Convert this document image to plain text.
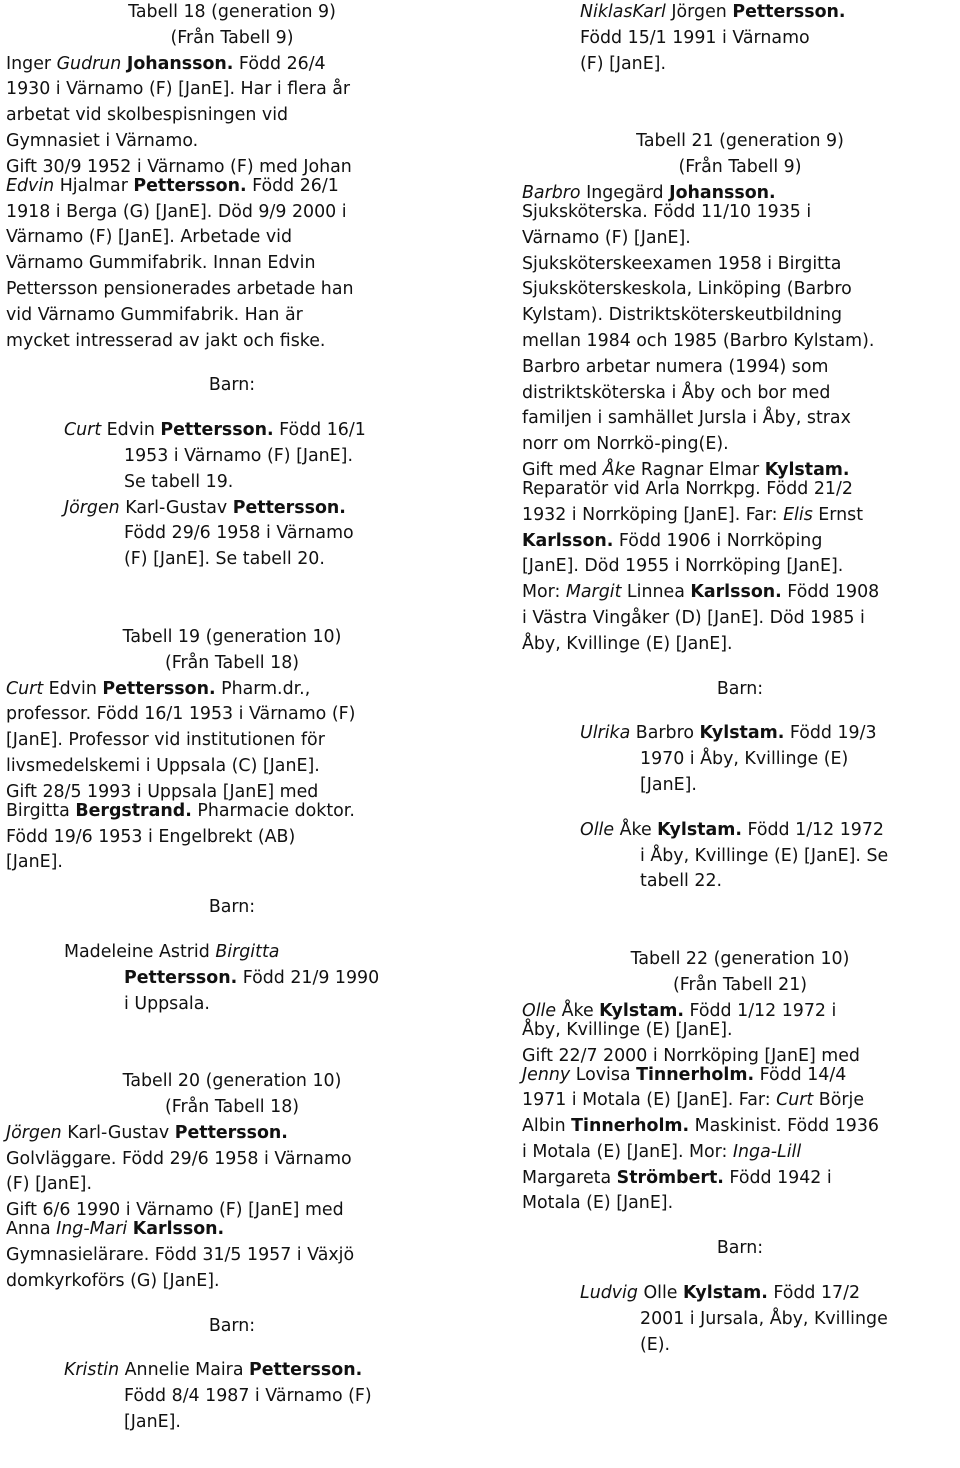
Tabell 18 (generation 9)
(Från Tabell 9)
Inger Gudrun Johansson. Född 26/4
1930 i Värnamo (F) [JanE]. Har i flera år
arbetat vid skolbespisningen vid
Gymnasiet i Värnamo.
Gift 30/9 1952 i Värnamo (F) med Johan
Edvin Hjalmar Pettersson. Född 26/1
1918 i Berga (G) [JanE]. Död 9/9 2000 i
Värnamo (F) [JanE]. Arbetade vid
Värnamo Gummifabrik. Innan Edvin
Pettersson pensionerades arbetade han
vid Värnamo Gummifabrik. Han är
mycket intresserad av jakt och fiske.
Barn:
Curt Edvin Pettersson. Född 16/1
1953 i Värnamo (F) [JanE].
Se tabell 19.
Jörgen Karl-Gustav Pettersson.
Född 29/6 1958 i Värnamo
(F) [JanE]. Se tabell 20.
Tabell 19 (generation 10)
(Från Tabell 18)
Curt Edvin Pettersson. Pharm.dr.,
professor. Född 16/1 1953 i Värnamo (F)
[JanE]. Professor vid institutionen för
livsmedelskemi i Uppsala (C) [JanE].
Gift 28/5 1993 i Uppsala [JanE] med
Birgitta Bergstrand. Pharmacie doktor.
Född 19/6 1953 i Engelbrekt (AB)
[JanE].
Barn:
Madeleine Astrid Birgitta
Pettersson. Född 21/9 1990
i Uppsala.
Tabell 20 (generation 10)
(Från Tabell 18)
Jörgen Karl-Gustav Pettersson.
Golvläggare. Född 29/6 1958 i Värnamo
(F) [JanE].
Gift 6/6 1990 i Värnamo (F) [JanE] med
Anna Ing-Mari Karlsson.
Gymnasielärare. Född 31/5 1957 i Växjö
domkyrkoförs (G) [JanE].
Barn:
Kristin Annelie Maira Pettersson.
Född 8/4 1987 i Värnamo (F)
[JanE].
NiklasKarl Jörgen Pettersson.
Född 15/1 1991 i Värnamo
(F) [JanE].
Tabell 21 (generation 9)
(Från Tabell 9)
Barbro Ingegärd Johansson.
Sjuksköterska. Född 11/10 1935 i
Värnamo (F) [JanE].
Sjuksköterskeexamen 1958 i Birgitta
Sjuksköterskeskola, Linköping (Barbro
Kylstam). Distriktsköterskeutbildning
mellan 1984 och 1985 (Barbro Kylstam).
Barbro arbetar numera (1994) som
distriktsköterska i Åby och bor med
familjen i samhället Jursla i Åby, strax
norr om Norrkö-ping(E).
Gift med Åke Ragnar Elmar Kylstam.
Reparatör vid Arla Norrkpg. Född 21/2
1932 i Norrköping [JanE]. Far: Elis Ernst
Karlsson. Född 1906 i Norrköping
[JanE]. Död 1955 i Norrköping [JanE].
Mor: Margit Linnea Karlsson. Född 1908
i Västra Vingåker (D) [JanE]. Död 1985 i
Åby, Kvillinge (E) [JanE].
Barn:
Ulrika Barbro Kylstam. Född 19/3
1970 i Åby, Kvillinge (E)
[JanE].
Olle Åke Kylstam. Född 1/12 1972
i Åby, Kvillinge (E) [JanE]. Se
tabell 22.
Tabell 22 (generation 10)
(Från Tabell 21)
Olle Åke Kylstam. Född 1/12 1972 i
Åby, Kvillinge (E) [JanE].
Gift 22/7 2000 i Norrköping [JanE] med
Jenny Lovisa Tinnerholm. Född 14/4
1971 i Motala (E) [JanE]. Far: Curt Börje
Albin Tinnerholm. Maskinist. Född 1936
i Motala (E) [JanE]. Mor: Inga-Lill
Margareta Strömbert. Född 1942 i
Motala (E) [JanE].
Barn:
Ludvig Olle Kylstam. Född 17/2
2001 i Jursala, Åby, Kvillinge
(E).
